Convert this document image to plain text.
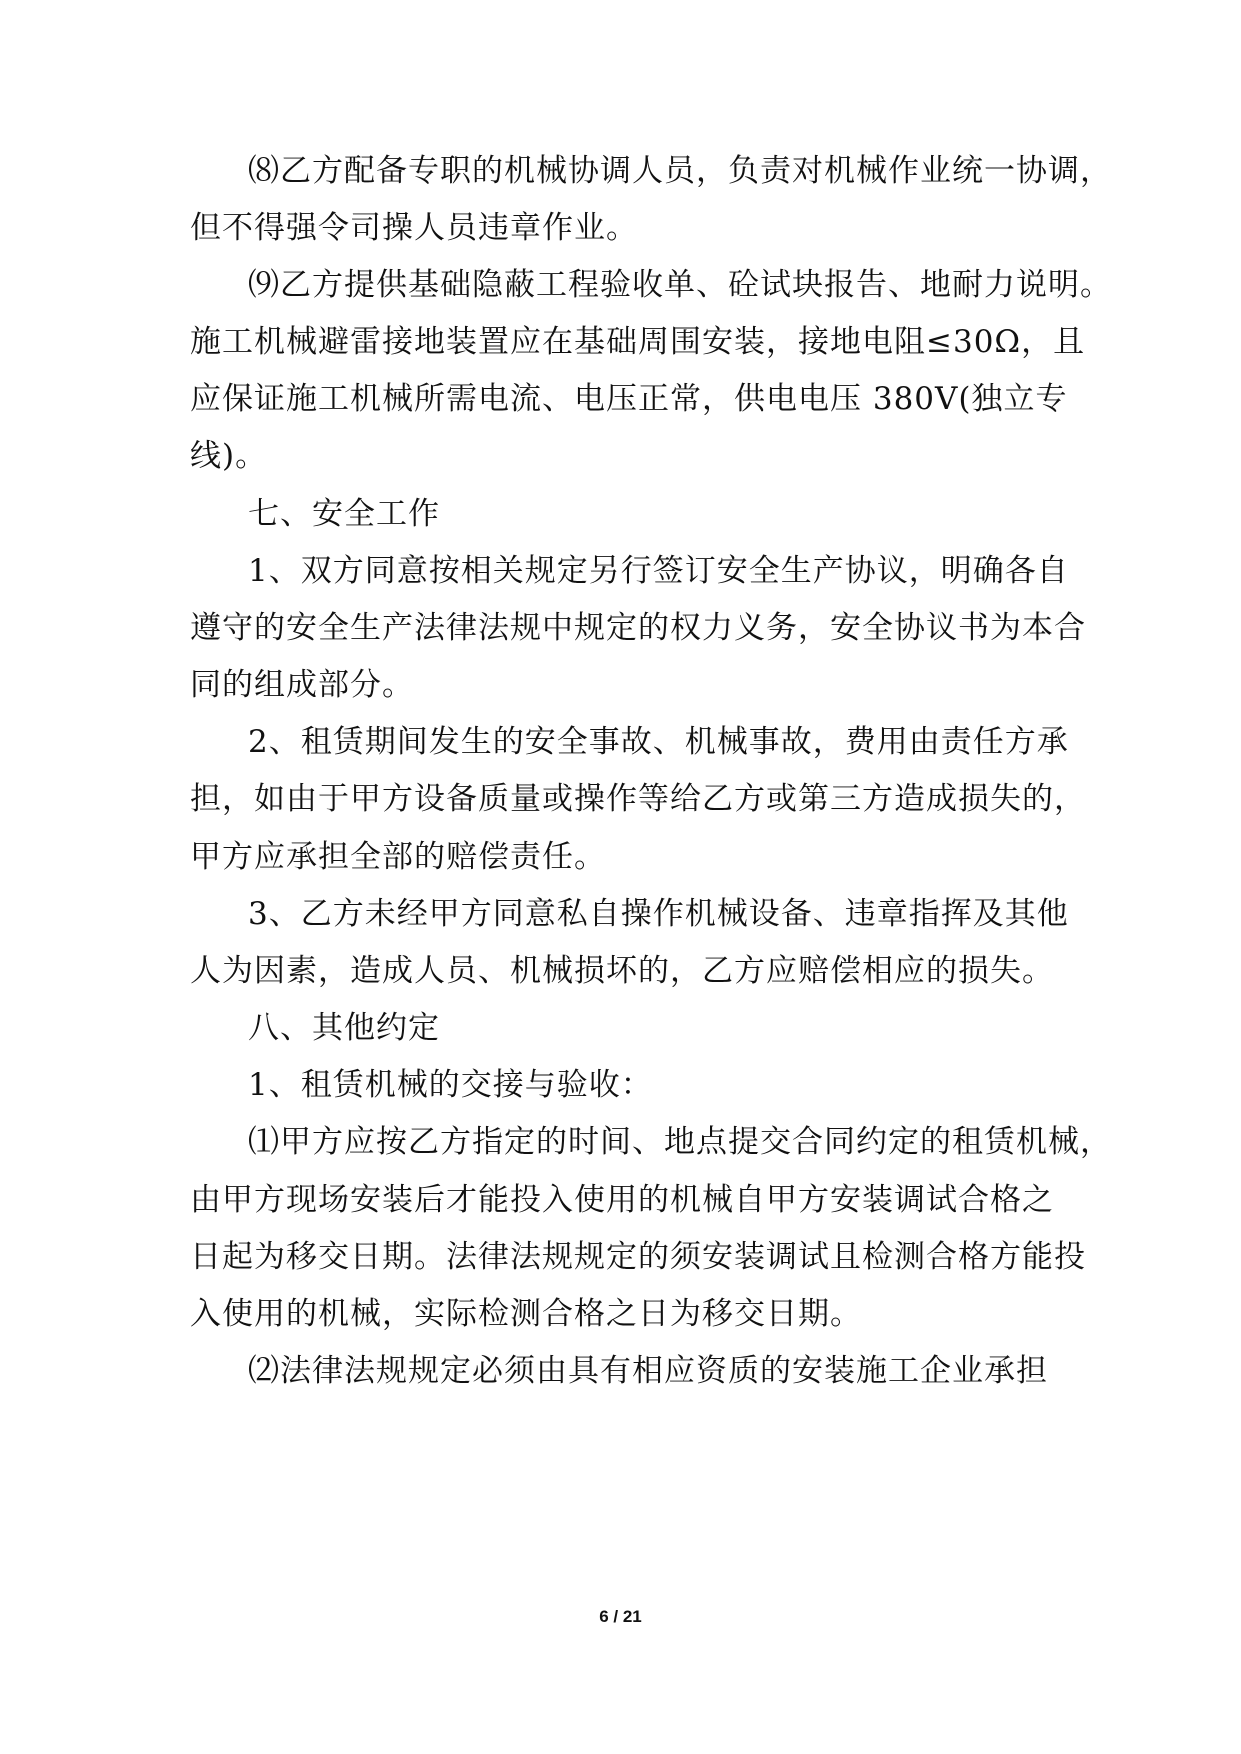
⑻乙方配备专职的机械协调人员，负责对机械作业统一协调，
但不得强令司操人员违章作业。
⑼乙方提供基础隐蔽工程验收单、砼试块报告、地耐力说明。
施工机械避雷接地装置应在基础周围安装，接地电阻≤30Ω，且
应保证施工机械所需电流、电压正常，供电电压 380V(独立专
线)。
七、安全工作
1、双方同意按相关规定另行签订安全生产协议，明确各自
遵守的安全生产法律法规中规定的权力义务，安全协议书为本合
同的组成部分。
2、租赁期间发生的安全事故、机械事故，费用由责任方承
担，如由于甲方设备质量或操作等给乙方或第三方造成损失的，
甲方应承担全部的赔偿责任。
3、乙方未经甲方同意私自操作机械设备、违章指挥及其他
人为因素，造成人员、机械损坏的，乙方应赔偿相应的损失。
八、其他约定
1、租赁机械的交接与验收：
⑴甲方应按乙方指定的时间、地点提交合同约定的租赁机械，
由甲方现场安装后才能投入使用的机械自甲方安装调试合格之
日起为移交日期。法律法规规定的须安装调试且检测合格方能投
入使用的机械，实际检测合格之日为移交日期。
⑵法律法规规定必须由具有相应资质的安装施工企业承担
6 / 21
